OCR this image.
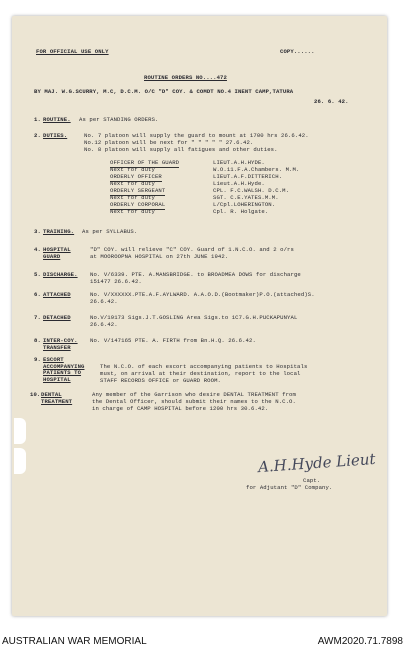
FOR OFFICIAL USE ONLY	COPY......
ROUTINE ORDERS NO....472
BY MAJ. W.G.SCURRY, M.C, D.C.M. O/C "D" COY. & COMDT NO.4 INENT CAMP,TATURA
26. 6. 42.
1. ROUTINE. As per STANDING ORDERS.
2. DUTIES.	No. 7 platoon will supply the guard to mount at 1700 hrs 26.6.42.
No.12 platoon will be next for " " " " " 27.6.42.
No. 8 platoon will supply all fatigues and other duties.
OFFICER OF THE GUARD	LIEUT.A.H.HYDE.
Next for duty	W.O.11.F.A.Chambers. M.M.
ORDERLY OFFICER	LIEUT.A.F.DITTERICH.
Next for duty	Lieut.A.H.Hyde.
ORDERLY SERGEANT	CPL. F.C.WALSH. D.C.M.
Next for duty	SGT. C.E.YATES.M.M.
ORDERLY CORPORAL	L/Cpl.LOHERINGTON.
Next for duty	Cpl. R. Holgate.
3. TRAINING. As per SYLLABUS.
4. HOSPITAL GUARD
"D" COY. will relieve "C" COY. Guard of 1.N.C.O. and 2 o/rs
at MOOROOPNA HOSPITAL on 27th JUNE 1942.
5. DISCHARGE. No. V/6339. PTE. A.MANSBRIDGE. to BROADMEA DOWS for discharge
151477 26.6.42.
6. ATTACHED	No. V/XXXXXX.PTE.A.F.AYLWARD. A.A.O.D.(Bootmaker)P.O.(attached)S.
26.6.42.
7. DETACHED	No.V/19173 Sigs.J.T.GOSLING Area Sigs.to 1C7.G.H.PUCKAPUNYAL
26.6.42.
8. INTER-COY. TRANSFER
No. V/147165 PTE. A. FIRTH from Bn.H.Q. 26.6.42.
9. ESCORT ACCOMPANYING PATIENTS TO HOSPITAL
The N.C.O. of each escort accompanying patients to Hospitals
must, on arrival at their destination, report to the local
STAFF RECORDS OFFICE or GUARD ROOM.
10. DENTAL TREATMENT
Any member of the Garrison who desire DENTAL TREATMENT from
the Dental Officer, should submit their names to the N.C.O.
in charge of CAMP HOSPITAL before 1200 hrs 30.6.42.
A.H.Hyde Lieut
Capt.
for Adjutant "D" Company.
AUSTRALIAN WAR MEMORIAL	AWM2020.71.7898
